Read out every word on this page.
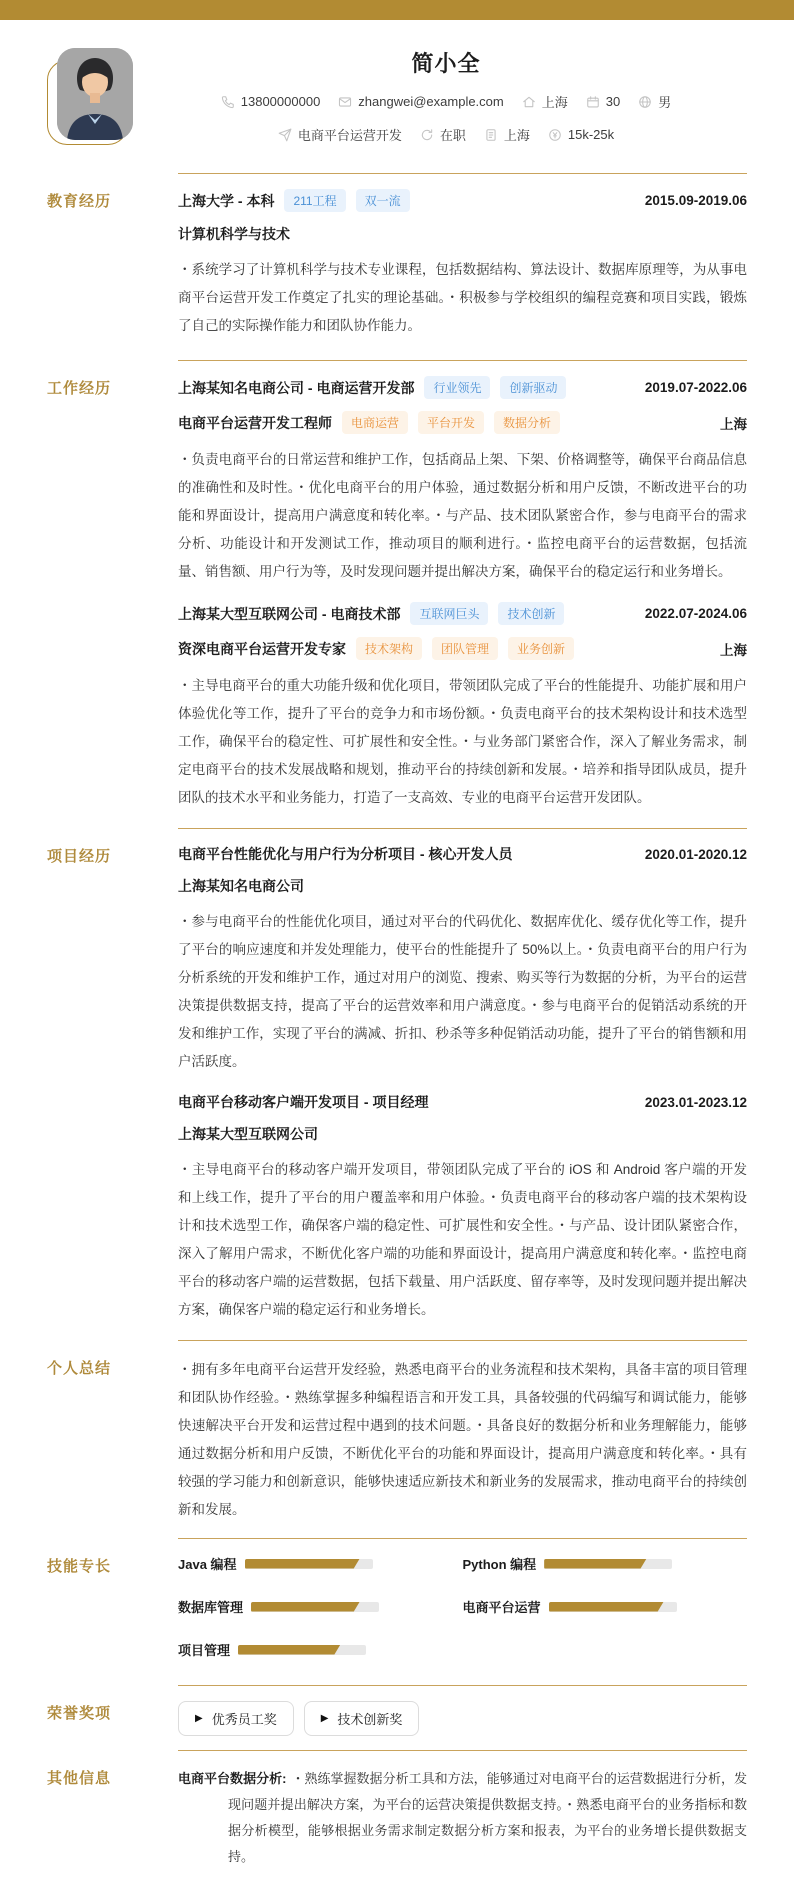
简小全
13800000000	zhangwei@example.com	上海	30	男
电商平台运营开发	在职	上海	15k-25k
教育经历	上海大学 - 本科	211工程	双一流	2015.09-2019.06
计算机科学与技术

・系统学习了计算机科学与技术专业课程，包括数据结构、算法设计、数据库原理等，为从事电商平台运营开发工作奠定了扎实的理论基础。・积极参与学校组织的编程竞赛和项目实践，锻炼了自己的实际操作能力和团队协作能力。

工作经历	上海某知名电商公司 - 电商运营开发部	行业领先	创新驱动	2019.07-2022.06
电商平台运营开发工程师	电商运营	平台开发	数据分析	上海

・负责电商平台的日常运营和维护工作，包括商品上架、下架、价格调整等，确保平台商品信息的准确性和及时性。・优化电商平台的用户体验，通过数据分析和用户反馈，不断改进平台的功能和界面设计，提高用户满意度和转化率。・与产品、技术团队紧密合作，参与电商平台的需求分析、功能设计和开发测试工作，推动项目的顺利进行。・监控电商平台的运营数据，包括流量、销售额、用户行为等，及时发现问题并提出解决方案，确保平台的稳定运行和业务增长。

上海某大型互联网公司 - 电商技术部	互联网巨头	技术创新	2022.07-2024.06
资深电商平台运营开发专家	技术架构	团队管理	业务创新	上海

・主导电商平台的重大功能升级和优化项目，带领团队完成了平台的性能提升、功能扩展和用户体验优化等工作，提升了平台的竞争力和市场份额。・负责电商平台的技术架构设计和技术选型工作，确保平台的稳定性、可扩展性和安全性。・与业务部门紧密合作，深入了解业务需求，制定电商平台的技术发展战略和规划，推动平台的持续创新和发展。・培养和指导团队成员，提升团队的技术水平和业务能力，打造了一支高效、专业的电商平台运营开发团队。

项目经历	电商平台性能优化与用户行为分析项目 - 核心开发人员	2020.01-2020.12
上海某知名电商公司

・参与电商平台的性能优化项目，通过对平台的代码优化、数据库优化、缓存优化等工作，提升了平台的响应速度和并发处理能力，使平台的性能提升了 50%以上。・负责电商平台的用户行为分析系统的开发和维护工作，通过对用户的浏览、搜索、购买等行为数据的分析，为平台的运营决策提供数据支持，提高了平台的运营效率和用户满意度。・参与电商平台的促销活动系统的开发和维护工作，实现了平台的满减、折扣、秒杀等多种促销活动功能，提升了平台的销售额和用户活跃度。

电商平台移动客户端开发项目 - 项目经理	2023.01-2023.12
上海某大型互联网公司

・主导电商平台的移动客户端开发项目，带领团队完成了平台的 iOS 和 Android 客户端的开发和上线工作，提升了平台的用户覆盖率和用户体验。・负责电商平台的移动客户端的技术架构设计和技术选型工作，确保客户端的稳定性、可扩展性和安全性。・与产品、设计团队紧密合作，深入了解用户需求，不断优化客户端的功能和界面设计，提高用户满意度和转化率。・监控电商平台的移动客户端的运营数据，包括下载量、用户活跃度、留存率等，及时发现问题并提出解决方案，确保客户端的稳定运行和业务增长。

个人总结	・拥有多年电商平台运营开发经验，熟悉电商平台的业务流程和技术架构，具备丰富的项目管理和团队协作经验。・熟练掌握多种编程语言和开发工具，具备较强的代码编写和调试能力，能够快速解决平台开发和运营过程中遇到的技术问题。・具备良好的数据分析和业务理解能力，能够通过数据分析和用户反馈，不断优化平台的功能和界面设计，提高用户满意度和转化率。・具有较强的学习能力和创新意识，能够快速适应新技术和新业务的发展需求，推动电商平台的持续创新和发展。

技能专长	Java 编程	Python 编程
数据库管理	电商平台运营
项目管理
荣誉奖项	▶ 优秀员工奖	▶ 技术创新奖
其他信息	电商平台数据分析: ・熟练掌握数据分析工具和方法，能够通过对电商平台的运营数据进行分析，发现问题并提出解决方案，为平台的运营决策提供数据支持。・熟悉电商平台的业务指标和数据分析模型，能够根据业务需求制定数据分析方案和报表，为平台的业务增长提供数据支持。
